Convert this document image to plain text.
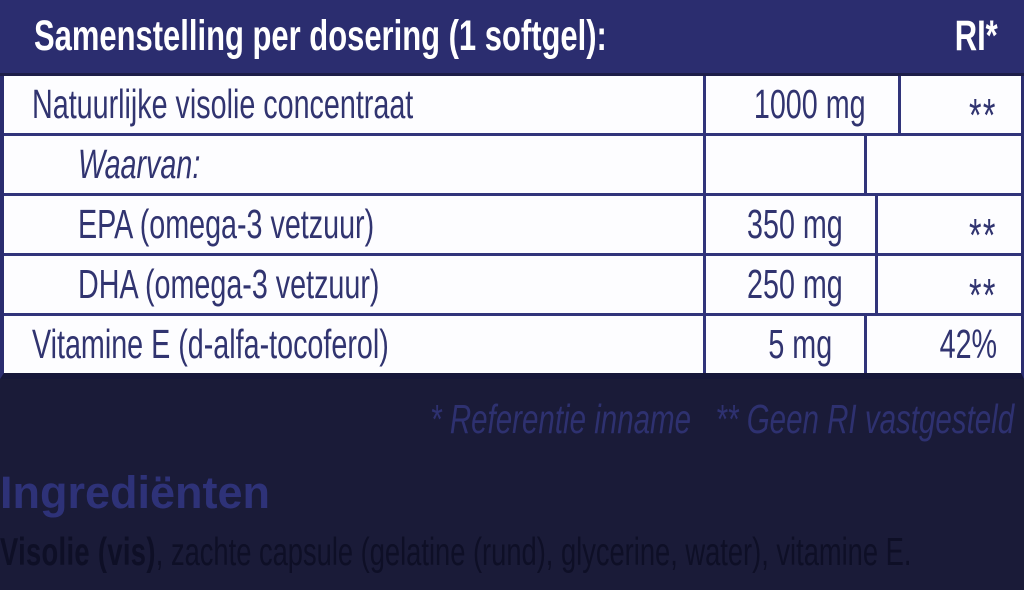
Samenstelling per dosering (1 softgel):	RI*
Natuurlijke visolie concentraat	1000 mg **
Waarvan:
EPA (omega-3 vetzuur)	350 mg	**
DHA (omega-3 vetzuur)	250 mg	**
Vitamine E (d-alfa-tocoferol)	5 mg	42%
* Referentie inname ** Geen RI vastgesteld
Ingrediënten
Visolie (vis), zachte capsule (gelatine (rund), glycerine, water), vitamine E.
